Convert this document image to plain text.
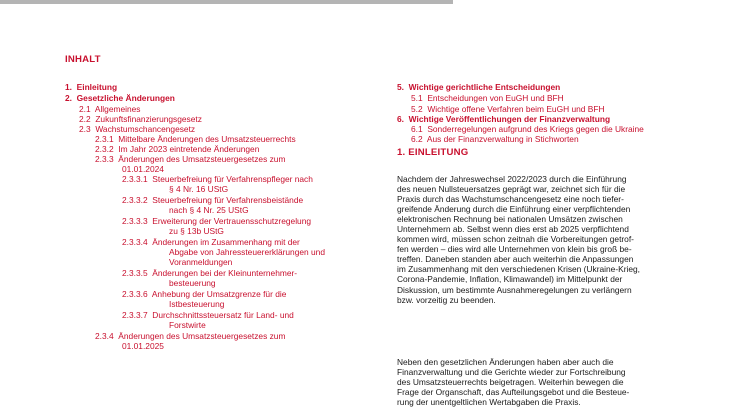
INHALT
1. Einleitung
2. Gesetzliche Änderungen
2.1 Allgemeines
2.2 Zukunftsfinanzierungsgesetz
2.3 Wachstumschancengesetz
2.3.1 Mittelbare Änderungen des Umsatzsteuerrechts
2.3.2 Im Jahr 2023 eintretende Änderungen
2.3.3 Änderungen des Umsatzsteuergesetzes zum
01.01.2024
2.3.3.1 Steuerbefreiung für Verfahrenspfleger nach
§ 4 Nr. 16 UStG
2.3.3.2 Steuerbefreiung für Verfahrensbeistände
nach § 4 Nr. 25 UStG
2.3.3.3 Erweiterung der Vertrauensschutzregelung
zu § 13b UStG
2.3.3.4 Änderungen im Zusammenhang mit der
Abgabe von Jahressteuererklärungen und
Voranmeldungen
2.3.3.5 Änderungen bei der Kleinunternehmer-
besteuerung
2.3.3.6 Anhebung der Umsatzgrenze für die
Istbesteuerung
2.3.3.7 Durchschnittssteuersatz für Land- und
Forstwirte
2.3.4 Änderungen des Umsatzsteuergesetzes zum
01.01.2025
5. Wichtige gerichtliche Entscheidungen
5.1 Entscheidungen von EuGH und BFH
5.2 Wichtige offene Verfahren beim EuGH und BFH
6. Wichtige Veröffentlichungen der Finanzverwaltung
6.1 Sonderregelungen aufgrund des Kriegs gegen die Ukraine
6.2 Aus der Finanzverwaltung in Stichworten
1. EINLEITUNG
Nachdem der Jahreswechsel 2022/2023 durch die Einführung
des neuen Nullsteuersatzes geprägt war, zeichnet sich für die
Praxis durch das Wachstumschancengesetz eine noch tiefer-
greifende Änderung durch die Einführung einer verpflichtenden
elektronischen Rechnung bei nationalen Umsätzen zwischen
Unternehmern ab. Selbst wenn dies erst ab 2025 verpflichtend
kommen wird, müssen schon zeitnah die Vorbereitungen getrof-
fen werden – dies wird alle Unternehmen von klein bis groß be-
treffen. Daneben standen aber auch weiterhin die Anpassungen
im Zusammenhang mit den verschiedenen Krisen (Ukraine-Krieg,
Corona-Pandemie, Inflation, Klimawandel) im Mittelpunkt der
Diskussion, um bestimmte Ausnahmeregelungen zu verlängern
bzw. vorzeitig zu beenden.
Neben den gesetzlichen Änderungen haben aber auch die
Finanzverwaltung und die Gerichte wieder zur Fortschreibung
des Umsatzsteuerrechts beigetragen. Weiterhin bewegen die
Frage der Organschaft, das Aufteilungsgebot und die Besteue-
rung der unentgeltlichen Wertabgaben die Praxis.
